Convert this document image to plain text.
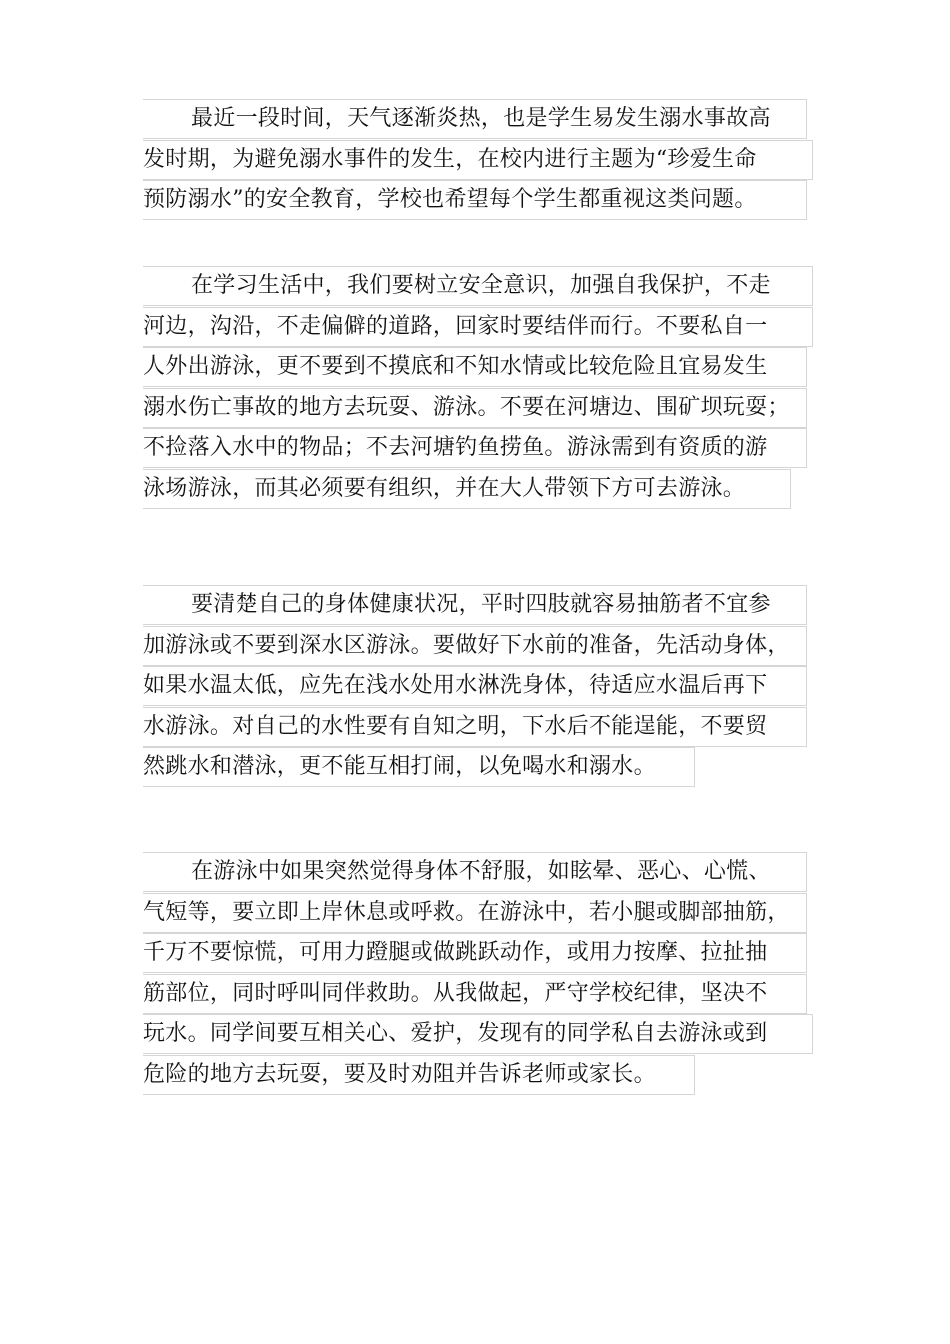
最近一段时间，天气逐渐炎热，也是学生易发生溺水事故高
发时期，为避免溺水事件的发生，在校内进行主题为“珍爱生命
预防溺水”的安全教育，学校也希望每个学生都重视这类问题。
在学习生活中，我们要树立安全意识，加强自我保护，不走
河边，沟沿，不走偏僻的道路，回家时要结伴而行。不要私自一
人外出游泳，更不要到不摸底和不知水情或比较危险且宜易发生
溺水伤亡事故的地方去玩耍、游泳。不要在河塘边、围矿坝玩耍；
不捡落入水中的物品；不去河塘钓鱼捞鱼。游泳需到有资质的游
泳场游泳，而其必须要有组织，并在大人带领下方可去游泳。
要清楚自己的身体健康状况，平时四肢就容易抽筋者不宜参
加游泳或不要到深水区游泳。要做好下水前的准备，先活动身体，
如果水温太低，应先在浅水处用水淋洗身体，待适应水温后再下
水游泳。对自己的水性要有自知之明，下水后不能逞能，不要贸
然跳水和潜泳，更不能互相打闹，以免喝水和溺水。
在游泳中如果突然觉得身体不舒服，如眩晕、恶心、心慌、
气短等，要立即上岸休息或呼救。在游泳中，若小腿或脚部抽筋，
千万不要惊慌，可用力蹬腿或做跳跃动作，或用力按摩、拉扯抽
筋部位，同时呼叫同伴救助。从我做起，严守学校纪律，坚决不
玩水。同学间要互相关心、爱护，发现有的同学私自去游泳或到
危险的地方去玩耍，要及时劝阻并告诉老师或家长。
